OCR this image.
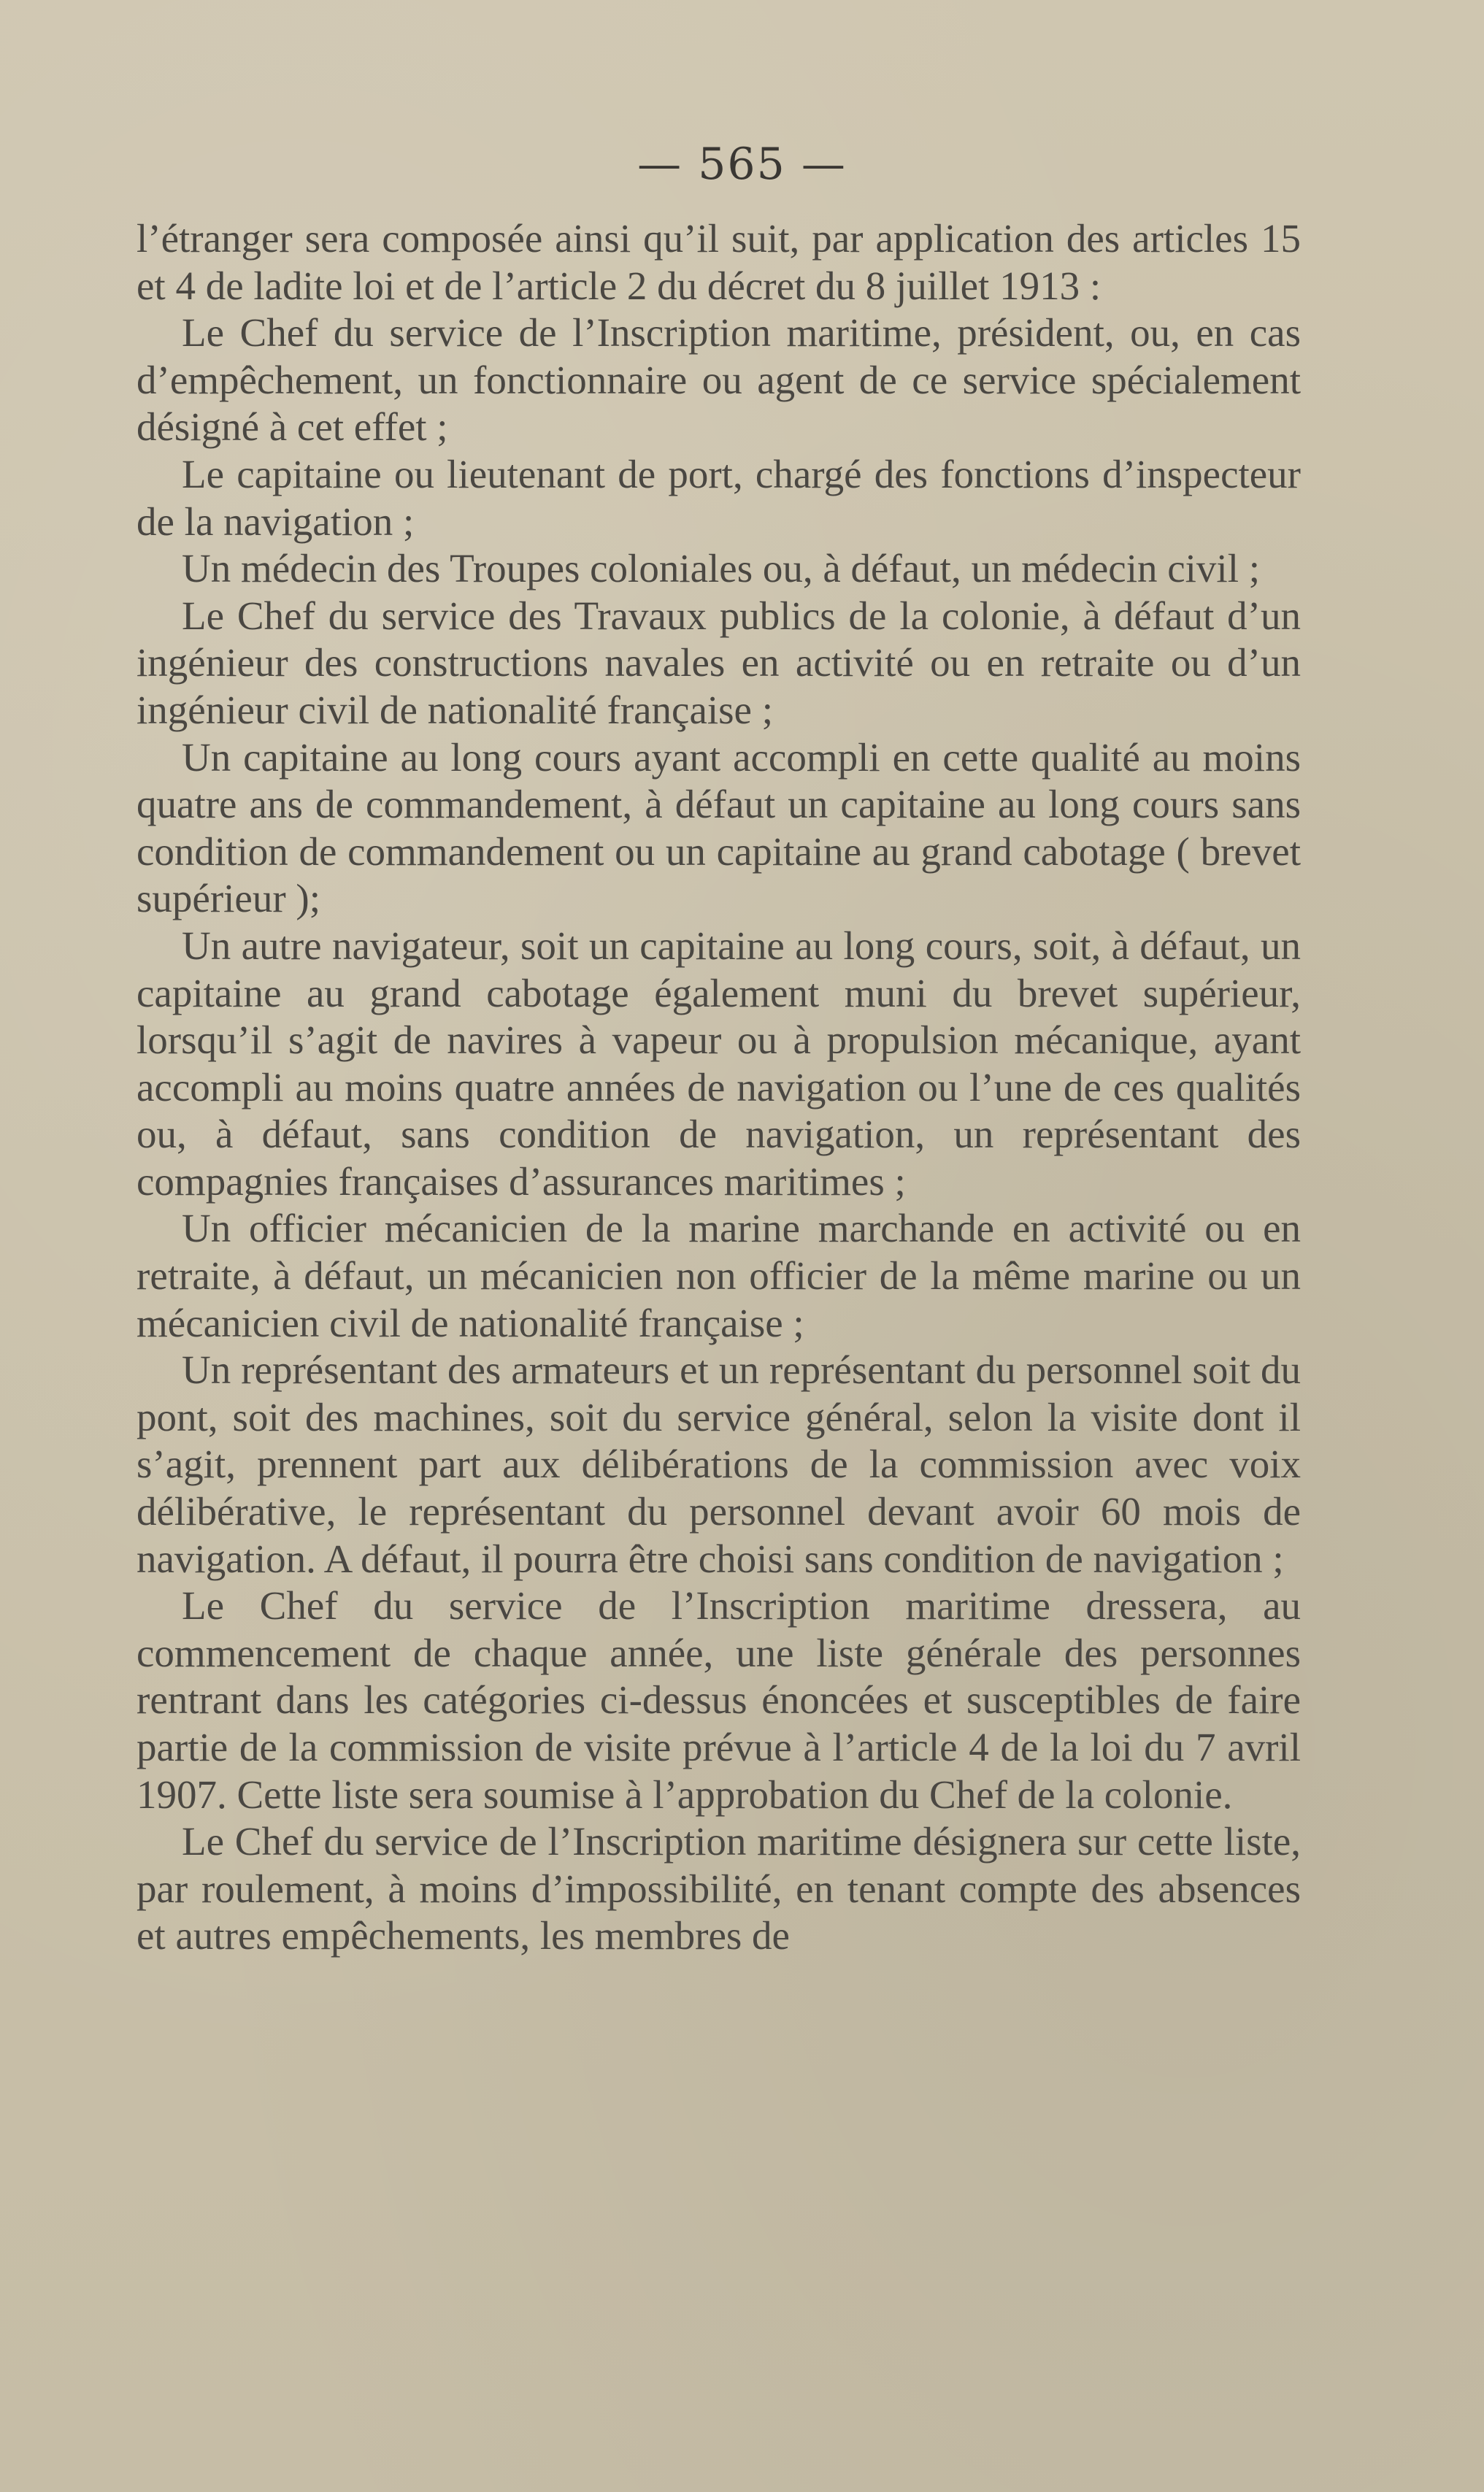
— 565 —

l’étranger sera composée ainsi qu’il suit, par application des articles 15 et 4 de ladite loi et de l’article 2 du décret du 8 juillet 1913 :

Le Chef du service de l’Inscription maritime, président, ou, en cas d’empêchement, un fonctionnaire ou agent de ce service spécialement désigné à cet effet ;

Le capitaine ou lieutenant de port, chargé des fonctions d’inspecteur de la navigation ;

Un médecin des Troupes coloniales ou, à défaut, un médecin civil ;

Le Chef du service des Travaux publics de la colonie, à défaut d’un ingénieur des constructions navales en activité ou en retraite ou d’un ingénieur civil de nationalité française ;

Un capitaine au long cours ayant accompli en cette qualité au moins quatre ans de commandement, à défaut un capitaine au long cours sans condition de commandement ou un capitaine au grand cabotage ( brevet supérieur );

Un autre navigateur, soit un capitaine au long cours, soit, à défaut, un capitaine au grand cabotage également muni du brevet supérieur, lorsqu’il s’agit de navires à vapeur ou à propulsion mécanique, ayant accompli au moins quatre années de navigation ou l’une de ces qualités ou, à défaut, sans condition de navigation, un représentant des compagnies françaises d’assurances maritimes ;

Un officier mécanicien de la marine marchande en activité ou en retraite, à défaut, un mécanicien non officier de la même marine ou un mécanicien civil de nationalité française ;

Un représentant des armateurs et un représentant du personnel soit du pont, soit des machines, soit du service général, selon la visite dont il s’agit, prennent part aux délibérations de la commission avec voix délibérative, le représentant du personnel devant avoir 60 mois de navigation. A défaut, il pourra être choisi sans condition de navigation ;

Le Chef du service de l’Inscription maritime dressera, au commencement de chaque année, une liste générale des personnes rentrant dans les catégories ci-dessus énoncées et susceptibles de faire partie de la commission de visite prévue à l’article 4 de la loi du 7 avril 1907. Cette liste sera soumise à l’approbation du Chef de la colonie.

Le Chef du service de l’Inscription maritime désignera sur cette liste, par roulement, à moins d’impossibilité, en tenant compte des absences et autres empêchements, les membres de
